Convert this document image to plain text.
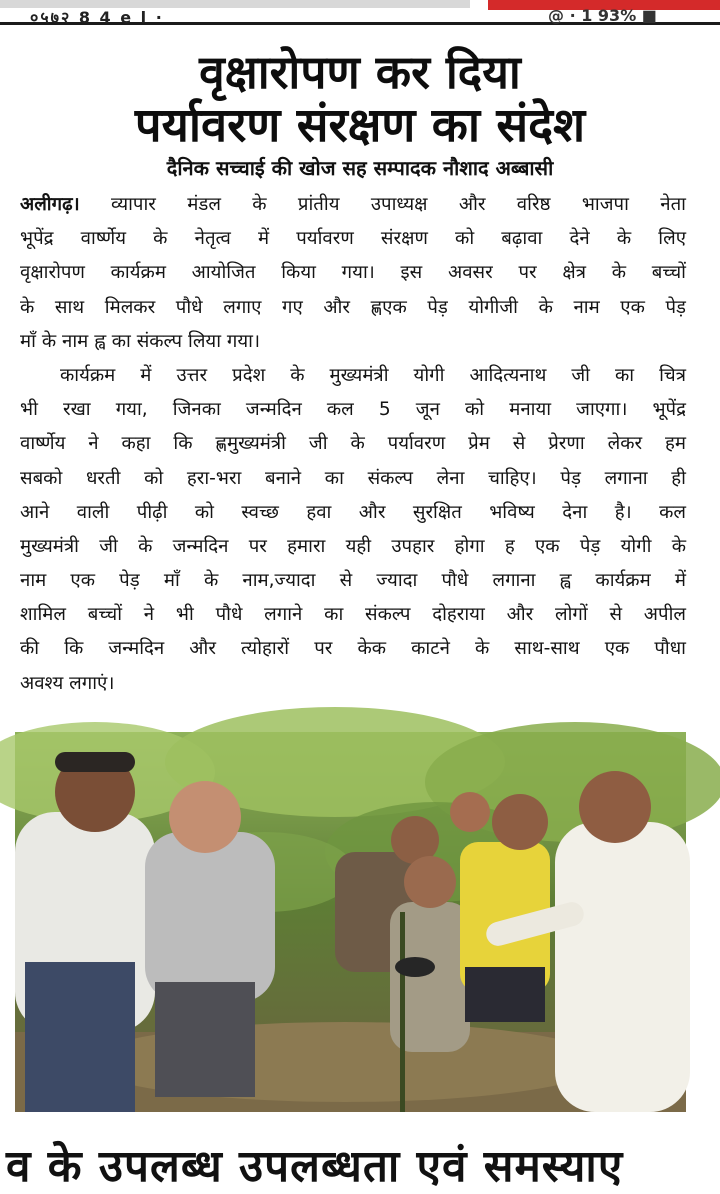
०५७२ 8 4 e l ·	@ · 1 93% ■
वृक्षारोपण कर दिया
पर्यावरण संरक्षण का संदेश
दैनिक सच्चाई की खोज सह सम्पादक नौशाद अब्बासी
अलीगढ़। व्यापार मंडल के प्रांतीय उपाध्यक्ष और वरिष्ठ भाजपा नेता
भूपेंद्र वार्ष्णेय के नेतृत्व में पर्यावरण संरक्षण को बढ़ावा देने के लिए
वृक्षारोपण कार्यक्रम आयोजित किया गया। इस अवसर पर क्षेत्र के बच्चों
के साथ मिलकर पौधे लगाए गए और ह्णएक पेड़ योगीजी के नाम एक पेड़
माँ के नाम ह्व का संकल्प लिया गया।
कार्यक्रम में उत्तर प्रदेश के मुख्यमंत्री योगी आदित्यनाथ जी का चित्र
भी रखा गया, जिनका जन्मदिन कल 5 जून को मनाया जाएगा। भूपेंद्र
वार्ष्णेय ने कहा कि ह्णमुख्यमंत्री जी के पर्यावरण प्रेम से प्रेरणा लेकर हम
सबको धरती को हरा-भरा बनाने का संकल्प लेना चाहिए। पेड़ लगाना ही
आने वाली पीढ़ी को स्वच्छ हवा और सुरक्षित भविष्य देना है। कल
मुख्यमंत्री जी के जन्मदिन पर हमारा यही उपहार होगा ह एक पेड़ योगी के
नाम एक पेड़ माँ के नाम,ज्यादा से ज्यादा पौधे लगाना ह्व कार्यक्रम में
शामिल बच्चों ने भी पौधे लगाने का संकल्प दोहराया और लोगों से अपील
की कि जन्मदिन और त्योहारों पर केक काटने के साथ-साथ एक पौधा
अवश्य लगाएं।
व के उपलब्ध उपलब्धता एवं समस्याए
